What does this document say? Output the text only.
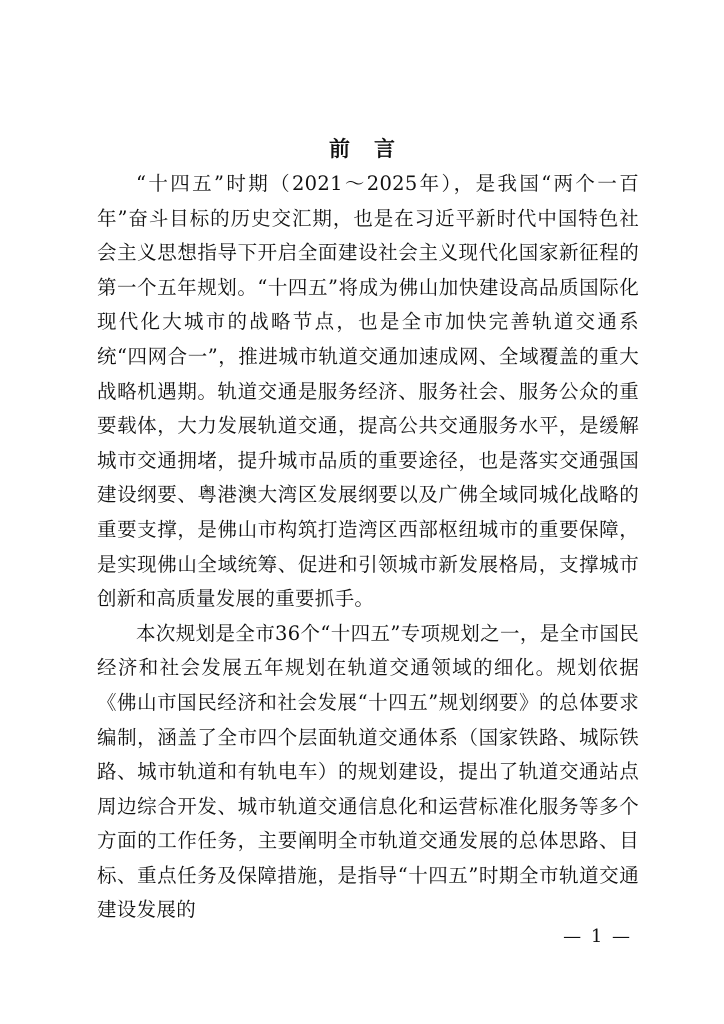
前言

“十四五”时期（2021～2025年），是我国“两个一百年”奋斗目标的历史交汇期，也是在习近平新时代中国特色社会主义思想指导下开启全面建设社会主义现代化国家新征程的第一个五年规划。“十四五”将成为佛山加快建设高品质国际化现代化大城市的战略节点，也是全市加快完善轨道交通系统“四网合一”，推进城市轨道交通加速成网、全域覆盖的重大战略机遇期。轨道交通是服务经济、服务社会、服务公众的重要载体，大力发展轨道交通，提高公共交通服务水平，是缓解城市交通拥堵，提升城市品质的重要途径，也是落实交通强国建设纲要、粤港澳大湾区发展纲要以及广佛全域同城化战略的重要支撑，是佛山市构筑打造湾区西部枢纽城市的重要保障，是实现佛山全域统筹、促进和引领城市新发展格局，支撑城市创新和高质量发展的重要抓手。

本次规划是全市36个“十四五”专项规划之一，是全市国民经济和社会发展五年规划在轨道交通领域的细化。规划依据《佛山市国民经济和社会发展“十四五”规划纲要》的总体要求编制，涵盖了全市四个层面轨道交通体系（国家铁路、城际铁路、城市轨道和有轨电车）的规划建设，提出了轨道交通站点周边综合开发、城市轨道交通信息化和运营标准化服务等多个方面的工作任务，主要阐明全市轨道交通发展的总体思路、目标、重点任务及保障措施，是指导“十四五”时期全市轨道交通建设发展的

— 1 —
